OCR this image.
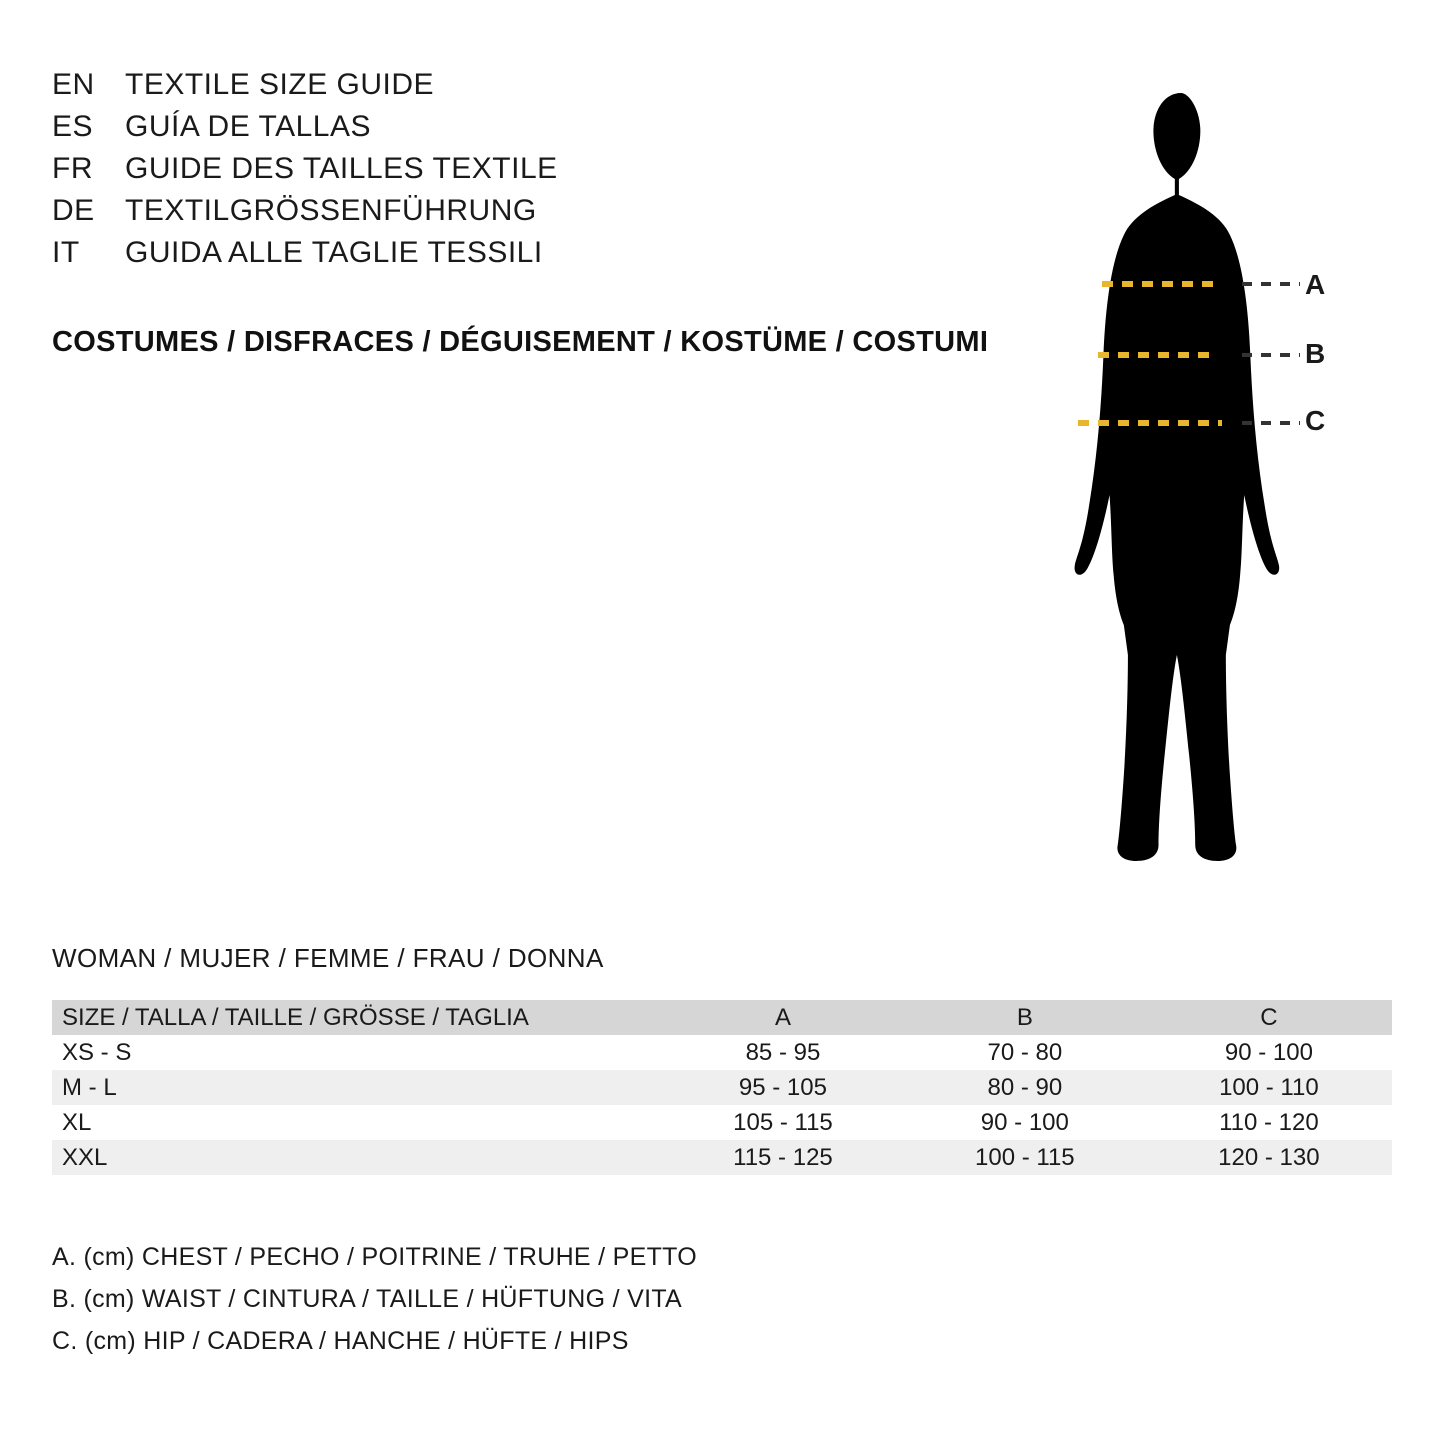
EN	TEXTILE SIZE GUIDE
ES	GUÍA DE TALLAS
FR	GUIDE DES TAILLES TEXTILE
DE	TEXTILGRÖSSENFÜHRUNG
IT	GUIDA ALLE TAGLIE TESSILI
COSTUMES / DISFRACES / DÉGUISEMENT / KOSTÜME / COSTUMI
A
B
C
WOMAN / MUJER / FEMME / FRAU / DONNA
SIZE / TALLA / TAILLE / GRÖSSE / TAGLIA	A	B	C
XS - S	85 - 95	70 - 80	90 - 100
M - L	95 - 105	80 - 90	100 - 110
XL	105 - 115	90 - 100	110 - 120
XXL	115 - 125	100 - 115	120 - 130
A. (cm) CHEST / PECHO / POITRINE / TRUHE / PETTO
B. (cm) WAIST / CINTURA / TAILLE / HÜFTUNG / VITA
C. (cm) HIP / CADERA / HANCHE / HÜFTE / HIPS
